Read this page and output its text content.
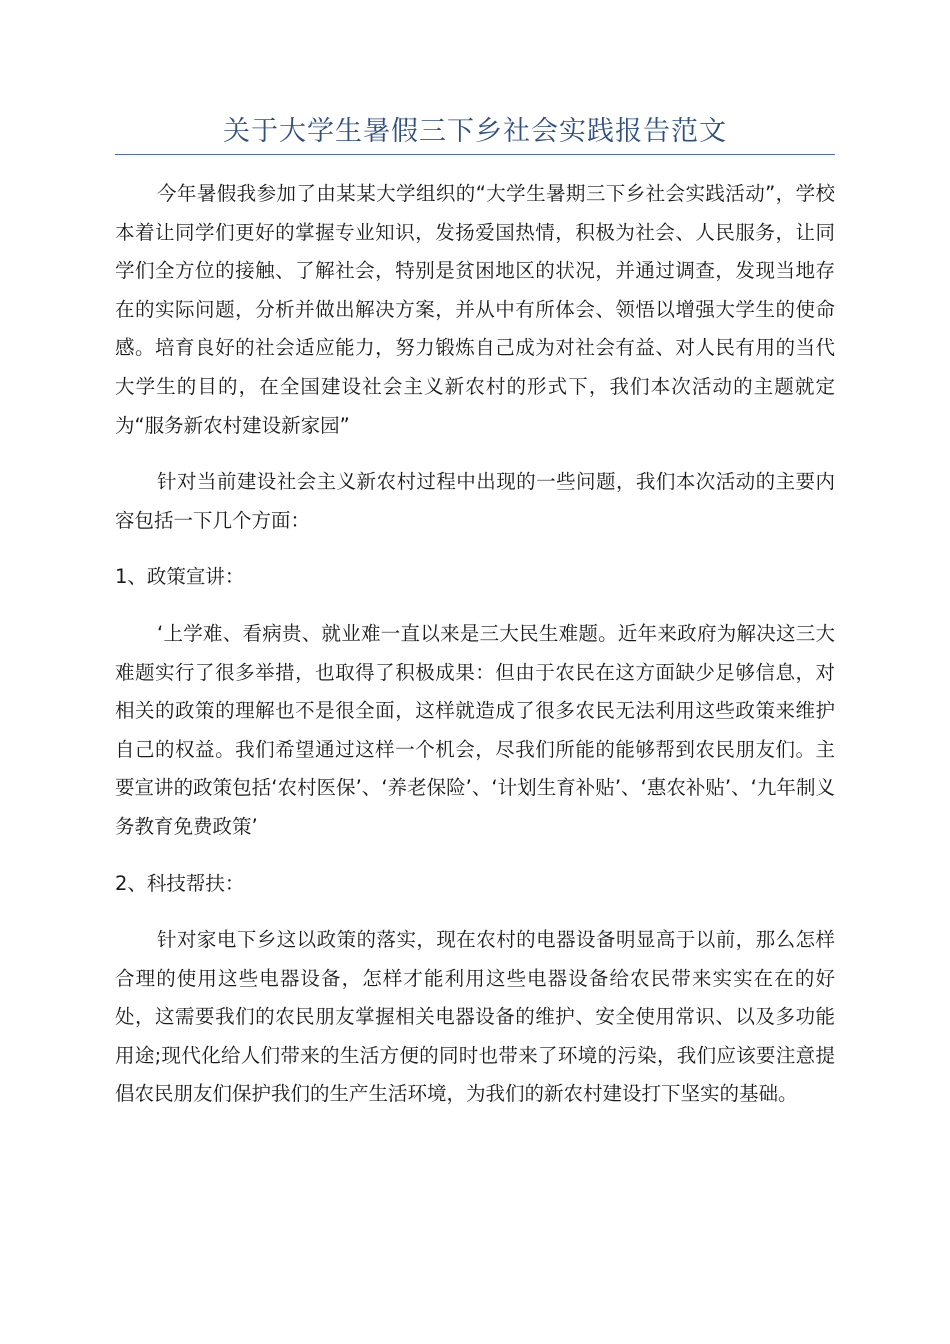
关于大学生暑假三下乡社会实践报告范文

今年暑假我参加了由某某大学组织的“大学生暑期三下乡社会实践活动”，学校本着让同学们更好的掌握专业知识，发扬爱国热情，积极为社会、人民服务，让同学们全方位的接触、了解社会，特别是贫困地区的状况，并通过调查，发现当地存在的实际问题，分析并做出解决方案，并从中有所体会、领悟以增强大学生的使命感。培育良好的社会适应能力，努力锻炼自己成为对社会有益、对人民有用的当代大学生的目的，在全国建设社会主义新农村的形式下，我们本次活动的主题就定为“服务新农村建设新家园”

针对当前建设社会主义新农村过程中出现的一些问题，我们本次活动的主要内容包括一下几个方面：

1、政策宣讲：

‘上学难、看病贵、就业难一直以来是三大民生难题。近年来政府为解决这三大难题实行了很多举措，也取得了积极成果：但由于农民在这方面缺少足够信息，对相关的政策的理解也不是很全面，这样就造成了很多农民无法利用这些政策来维护自己的权益。我们希望通过这样一个机会，尽我们所能的能够帮到农民朋友们。主要宣讲的政策包括‘农村医保’、‘养老保险’、‘计划生育补贴’、‘惠农补贴’、‘九年制义务教育免费政策’

2、科技帮扶：

针对家电下乡这以政策的落实，现在农村的电器设备明显高于以前，那么怎样合理的使用这些电器设备，怎样才能利用这些电器设备给农民带来实实在在的好处，这需要我们的农民朋友掌握相关电器设备的维护、安全使用常识、以及多功能用途;现代化给人们带来的生活方便的同时也带来了环境的污染，我们应该要注意提倡农民朋友们保护我们的生产生活环境，为我们的新农村建设打下坚实的基础。
